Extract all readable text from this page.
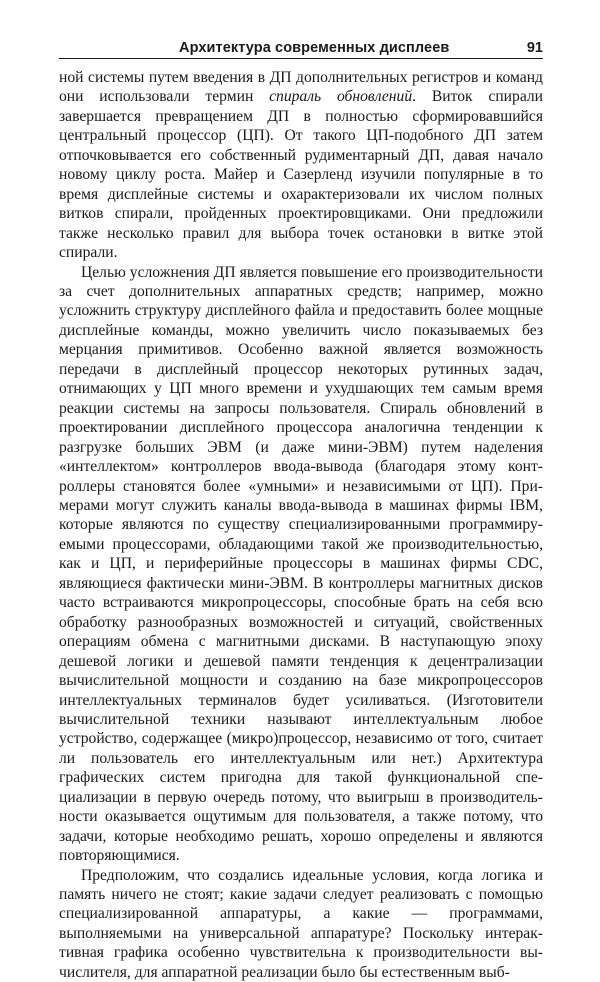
Архитектура современных дисплеев	91

ной системы путем введения в ДП дополнительных регистров и команд они использовали термин спираль обновлений. Виток спирали завершается превращением ДП в полностью сформировавшийся центральный процессор (ЦП). От такого ЦП-подобного ДП затем отпочковывается его собственный рудиментарный ДП, давая начало новому циклу роста. Майер и Сазерленд изучили популярные в то время дисплейные системы и охарактеризовали их числом полных витков спирали, пройденных проектировщиками. Они предложили также несколько правил для выбора точек остановки в витке этой спирали.

Целью усложнения ДП является повышение его производительности за счет дополнительных аппаратных средств; например, можно усложнить структуру дисплейного файла и предоставить более мощные дисплейные команды, можно увеличить число показываемых без мерцания примитивов. Особенно важной является возможность передачи в дисплейный процессор некоторых рутинных задач, отнимающих у ЦП много времени и ухудшающих тем самым время реакции системы на запросы пользователя. Спираль обновлений в проектировании дисплейного процессора аналогична тенденции к разгрузке больших ЭВМ (и даже мини-ЭВМ) путем наделения «интеллектом» контроллеров ввода-вывода (благодаря этому контроллеры становятся более «умными» и независимыми от ЦП). Примерами могут служить каналы ввода-вывода в машинах фирмы IBM, которые являются по существу специализированными программируемыми процессорами, обладающими такой же производительностью, как и ЦП, и периферийные процессоры в машинах фирмы CDC, являющиеся фактически мини-ЭВМ. В контроллеры магнитных дисков часто встраиваются микропроцессоры, способные брать на себя всю обработку разнообразных возможностей и ситуаций, свойственных операциям обмена с магнитными дисками. В наступающую эпоху дешевой логики и дешевой памяти тенденция к децентрализации вычислительной мощности и созданию на базе микропроцессоров интеллектуальных терминалов будет усиливаться. (Изготовители вычислительной техники называют интеллектуальным любое устройство, содержащее (микро)процессор, независимо от того, считает ли пользователь его интеллектуальным или нет.) Архитектура графических систем пригодна для такой функциональной специализации в первую очередь потому, что выигрыш в производительности оказывается ощутимым для пользователя, а также потому, что задачи, которые необходимо решать, хорошо определены и являются повторяющимися.

Предположим, что создались идеальные условия, когда логика и память ничего не стоят; какие задачи следует реализовать с помощью специализированной аппаратуры, а какие — программами, выполняемыми на универсальной аппаратуре? Поскольку интерактивная графика особенно чувствительна к производительности вычислителя, для аппаратной реализации было бы естественным выб-
